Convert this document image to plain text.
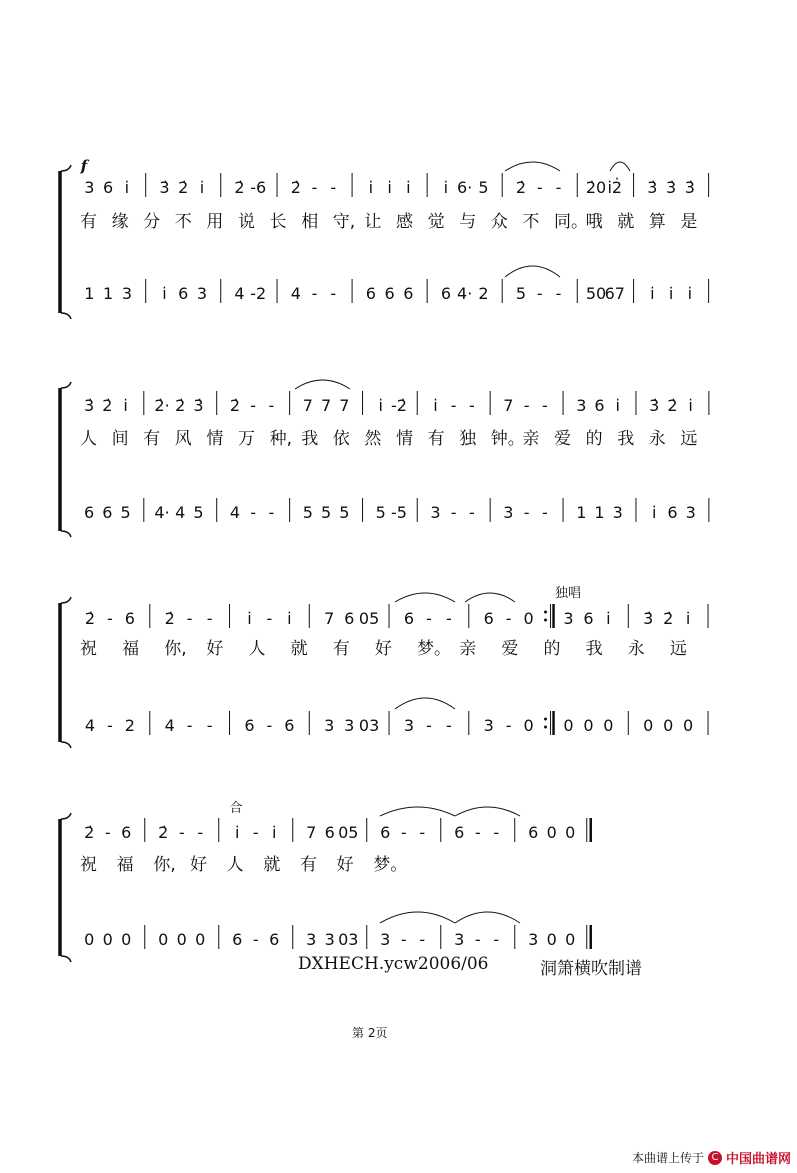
3 6 i̇ 3̇ 2̇ i̇ 2̇ -6 2̇ - - i̇ i̇ i̇ i̇ 6· 5 2̇ - - 2̇0 i̇2̇ 3̇ 3̇ 3̇
1 1 3 i̇ 6 3 4 -2 4 - - 6 6 6 6 4· 2 5 - - 50
67 i̇ i̇ i̇
有 缘 分 不 用 说 长 相 守, 让 感 觉 与 众 不 同。
哦 就 算 是
f
3̇ 2̇ i̇ 2̇· 2̇ 3̇ 2̇ - - 7 7 7 i̇ -2̇ i̇ - - 7 - - 3 6 i̇ 3̇ 2̇ i̇
6 6 5 4· 4 5 4 - - 5 5 5 5 -5 3 - - 3 - - 1 1 3 i̇ 6 3
人 间 有 风 情 万 种, 我 依 然 情 有 独 钟。
亲 爱 的 我 永 远
2̇ - 6 2̇ - - i̇ - i̇ 7 6 05 6 - - 6 - 0 3 6 i̇ 3̇ 2̇ i̇
4 - 2 4 - - 6 - 6 3 3 03 3 - - 3 - 0 0 0 0 0 0 0
祝 福 你, 好 人 就 有 好 梦。 亲 爱 的 我 永 远
独唱
2̇ - 6 2̇ - - i̇ - i̇ 7 6 05 6 - - 6 - - 6 0 0
0 0 0 0 0 0 6 - 6 3 3 03 3 - - 3 - - 3 0 0
祝 福 你, 好 人 就 有 好 梦。
合
DXHECH.ycw2006/06	洞箫横吹制谱
第 2页
本曲谱上传于 C 中国曲谱网
